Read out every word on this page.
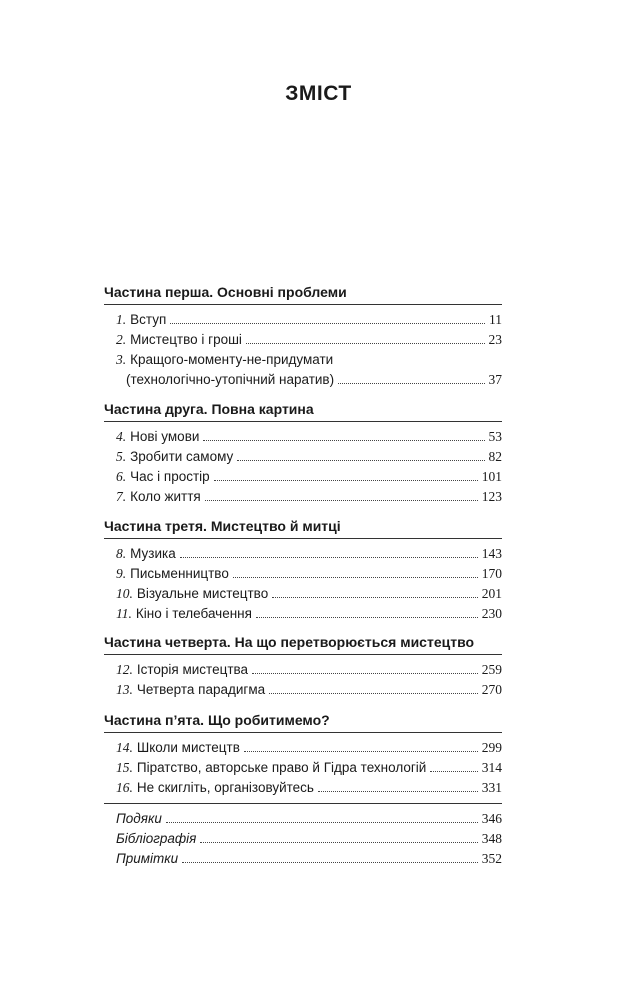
ЗМІСТ
Частина перша. Основні проблеми
1. Вступ	11
2. Мистецтво і гроші	23
3. Кращого-моменту-не-придумати
(технологічно-утопічний наратив)	37
Частина друга. Повна картина
4. Нові умови	53
5. Зробити самому	82
6. Час і простір	101
7. Коло життя	123
Частина третя. Мистецтво й митці
8. Музика	143
9. Письменництво	170
10. Візуальне мистецтво	201
11. Кіно і телебачення	230
Частина четверта. На що перетворюється мистецтво
12. Історія мистецтва	259
13. Четверта парадигма	270
Частина п’ята. Що робитимемо?
14. Школи мистецтв	299
15. Піратство, авторське право й Гідра технологій	314
16. Не скигліть, організовуйтесь	331
Подяки	346
Бібліографія	348
Примітки	352
